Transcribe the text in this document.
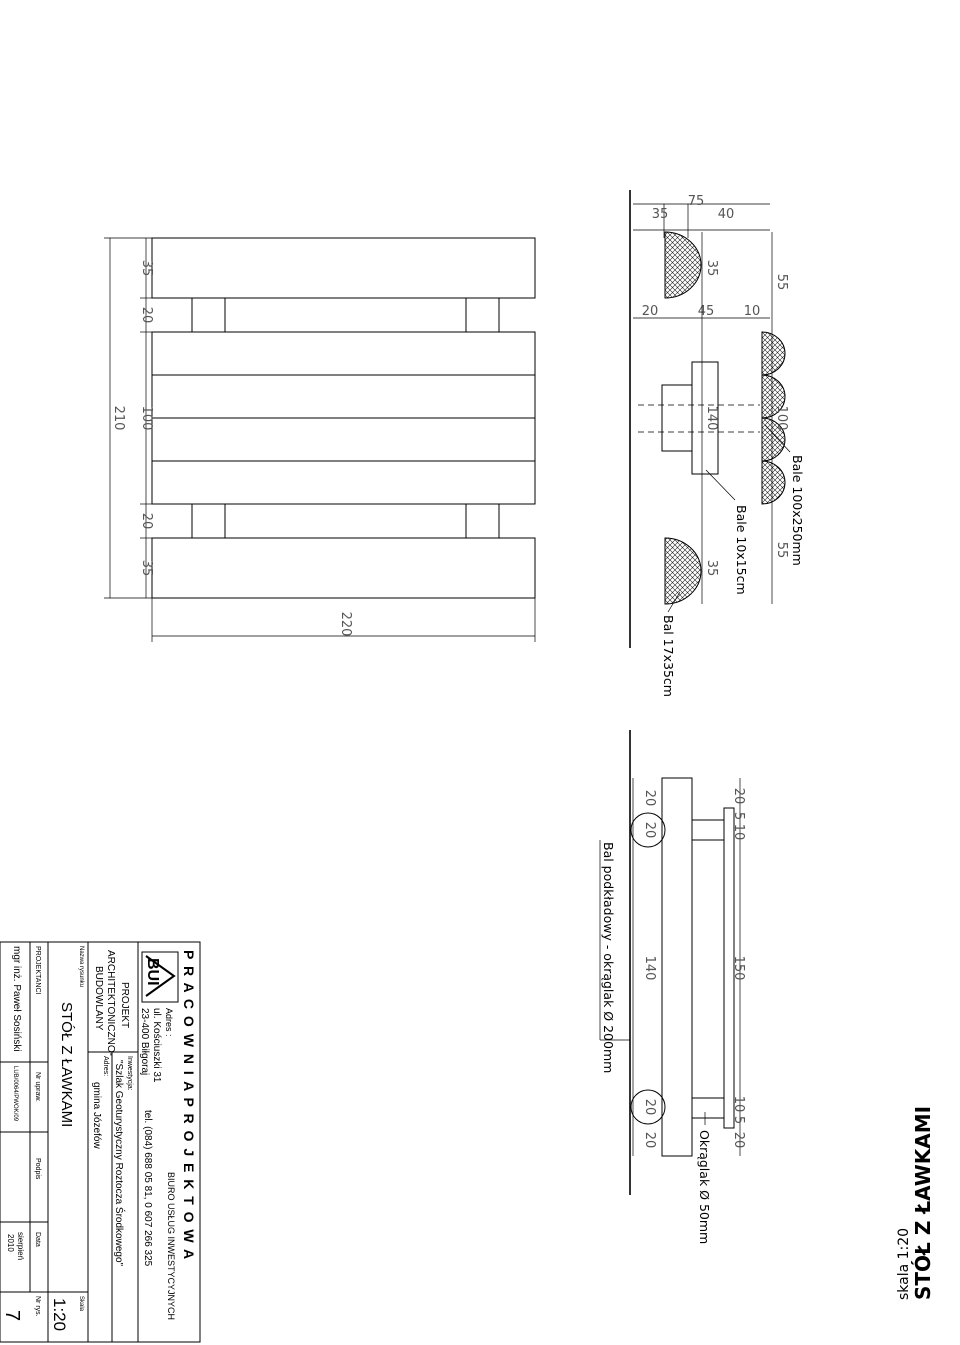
STÓŁ Z ŁAWKAMI
skala 1:20
35
20
100
20
35
210
220
Bale 100x250mm
Bale 10x15cm
Bal 17x35cm
35	40
75
20	45 10
35
140
35
55
100
55
20
20
140
20
20
20
5
10
150
10
5
20
Bal podkładowy - okrąglak Ø 200mm
Okrąglak Ø 50mm
P R A C O W N I A P R O J E K T O W A
BIURO USŁUG INWESTYCYJNYCH
BUI
Adres :
ul. Kościuszki 31
23-400 Biłgoraj
tel. (084) 688 05 81, 0 607 266 325
PROJEKT
ARCHITEKTONICZNO-
BUDOWLANY
Inwestycja:
"Szlak Geoturystyczny Roztocza Środkowego"
Adres:
gmina Józefów
Nazwa rysunku
STÓŁ Z ŁAWKAMI
Skala
1:20
PROJEKTANCI
Nr upraw.
Podpis
Data
Nr rys.
mgr inż. Paweł Sosiński
LUB/0064/PWOK/09
sierpień
2010
7
